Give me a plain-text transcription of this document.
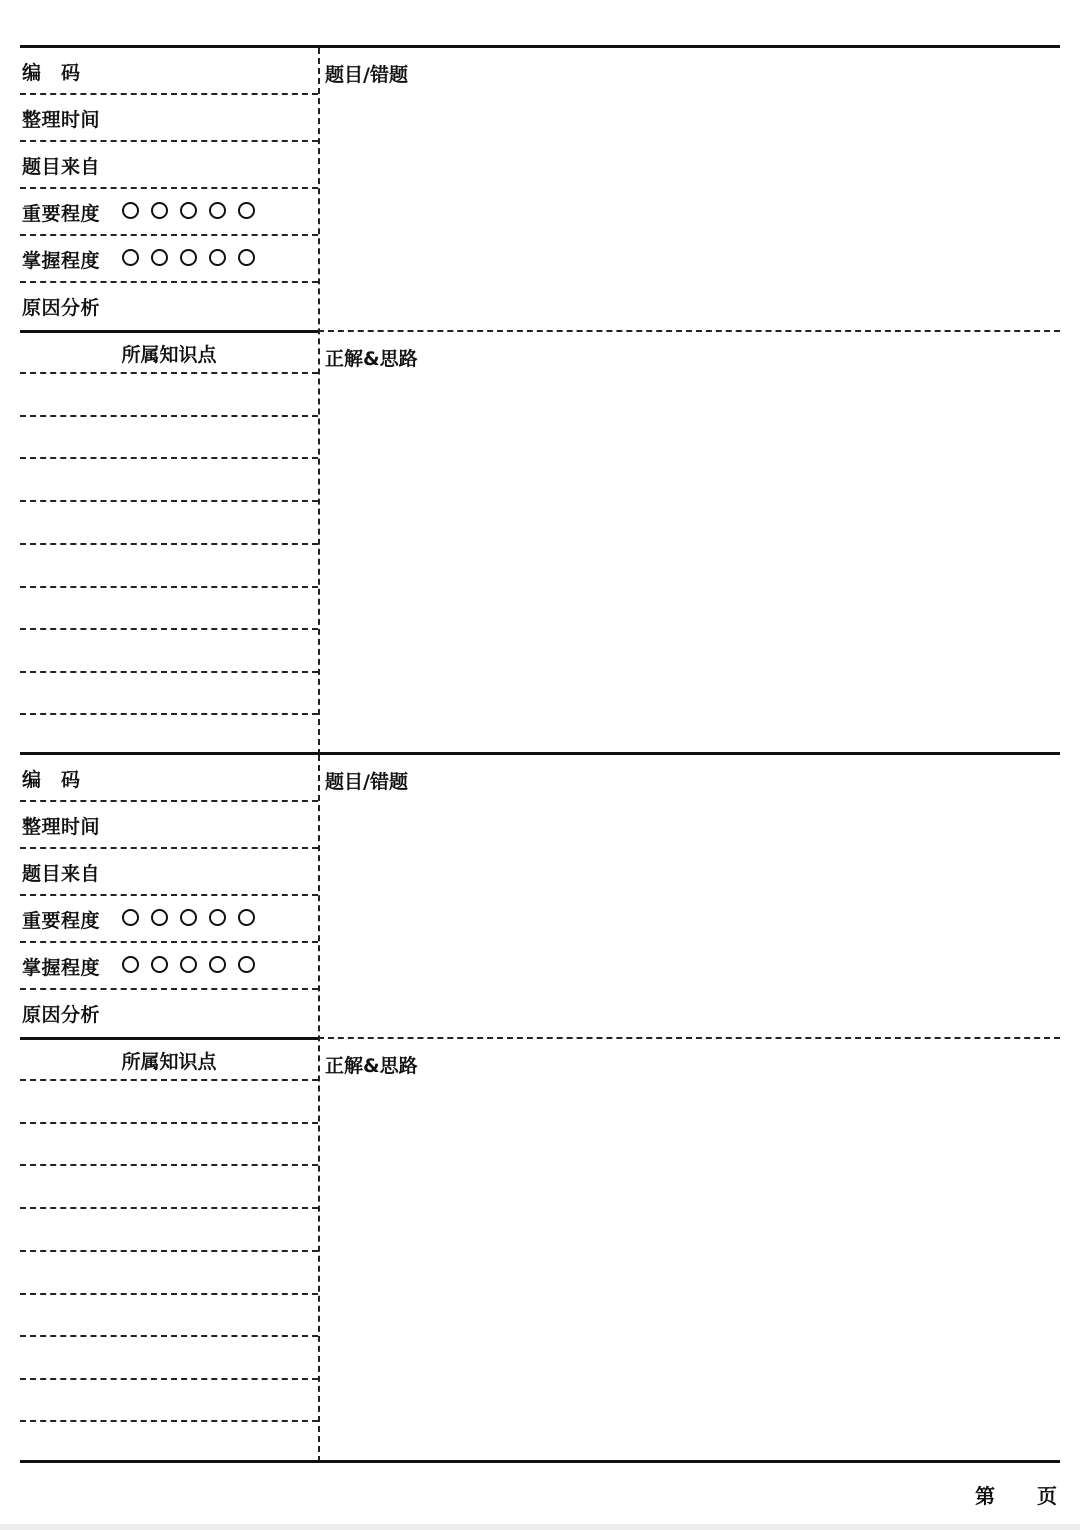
编　码
整理时间
题目来自
重要程度
掌握程度
原因分析
所属知识点
题目/错题
正解&思路
编　码
整理时间
题目来自
重要程度
掌握程度
原因分析
所属知识点
题目/错题
正解&思路
第 页
